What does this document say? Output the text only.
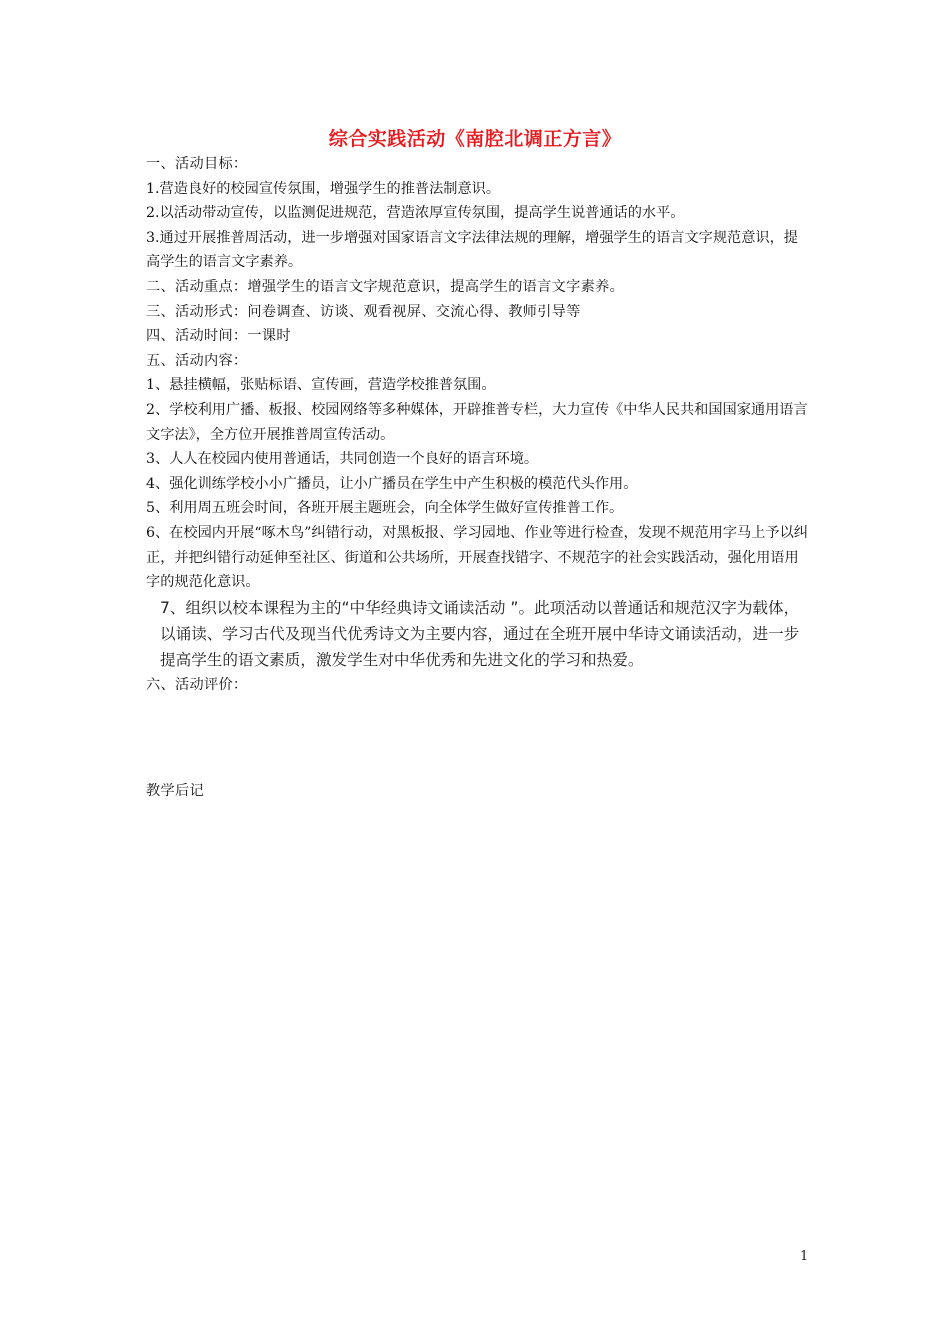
综合实践活动《南腔北调正方言》

一、活动目标：

1.营造良好的校园宣传氛围，增强学生的推普法制意识。

2.以活动带动宣传，以监测促进规范，营造浓厚宣传氛围，提高学生说普通话的水平。

3.通过开展推普周活动，进一步增强对国家语言文字法律法规的理解，增强学生的语言文字规范意识，提高学生的语言文字素养。

二、活动重点：增强学生的语言文字规范意识，提高学生的语言文字素养。

三、活动形式：问卷调查、访谈、观看视屏、交流心得、教师引导等

四、活动时间：一课时

五、活动内容：

1、悬挂横幅，张贴标语、宣传画，营造学校推普氛围。

2、学校利用广播、板报、校园网络等多种媒体，开辟推普专栏，大力宣传《中华人民共和国国家通用语言文字法》，全方位开展推普周宣传活动。

3、人人在校园内使用普通话，共同创造一个良好的语言环境。

4、强化训练学校小小广播员，让小广播员在学生中产生积极的模范代头作用。

5、利用周五班会时间，各班开展主题班会，向全体学生做好宣传推普工作。

6、在校园内开展“啄木鸟”纠错行动，对黑板报、学习园地、作业等进行检查，发现不规范用字马上予以纠正，并把纠错行动延伸至社区、街道和公共场所，开展查找错字、不规范字的社会实践活动，强化用语用字的规范化意识。

7、组织以校本课程为主的“中华经典诗文诵读活动 ”。此项活动以普通话和规范汉字为载体，以诵读、学习古代及现当代优秀诗文为主要内容，通过在全班开展中华诗文诵读活动，进一步提高学生的语文素质，激发学生对中华优秀和先进文化的学习和热爱。

六、活动评价：

教学后记

1
